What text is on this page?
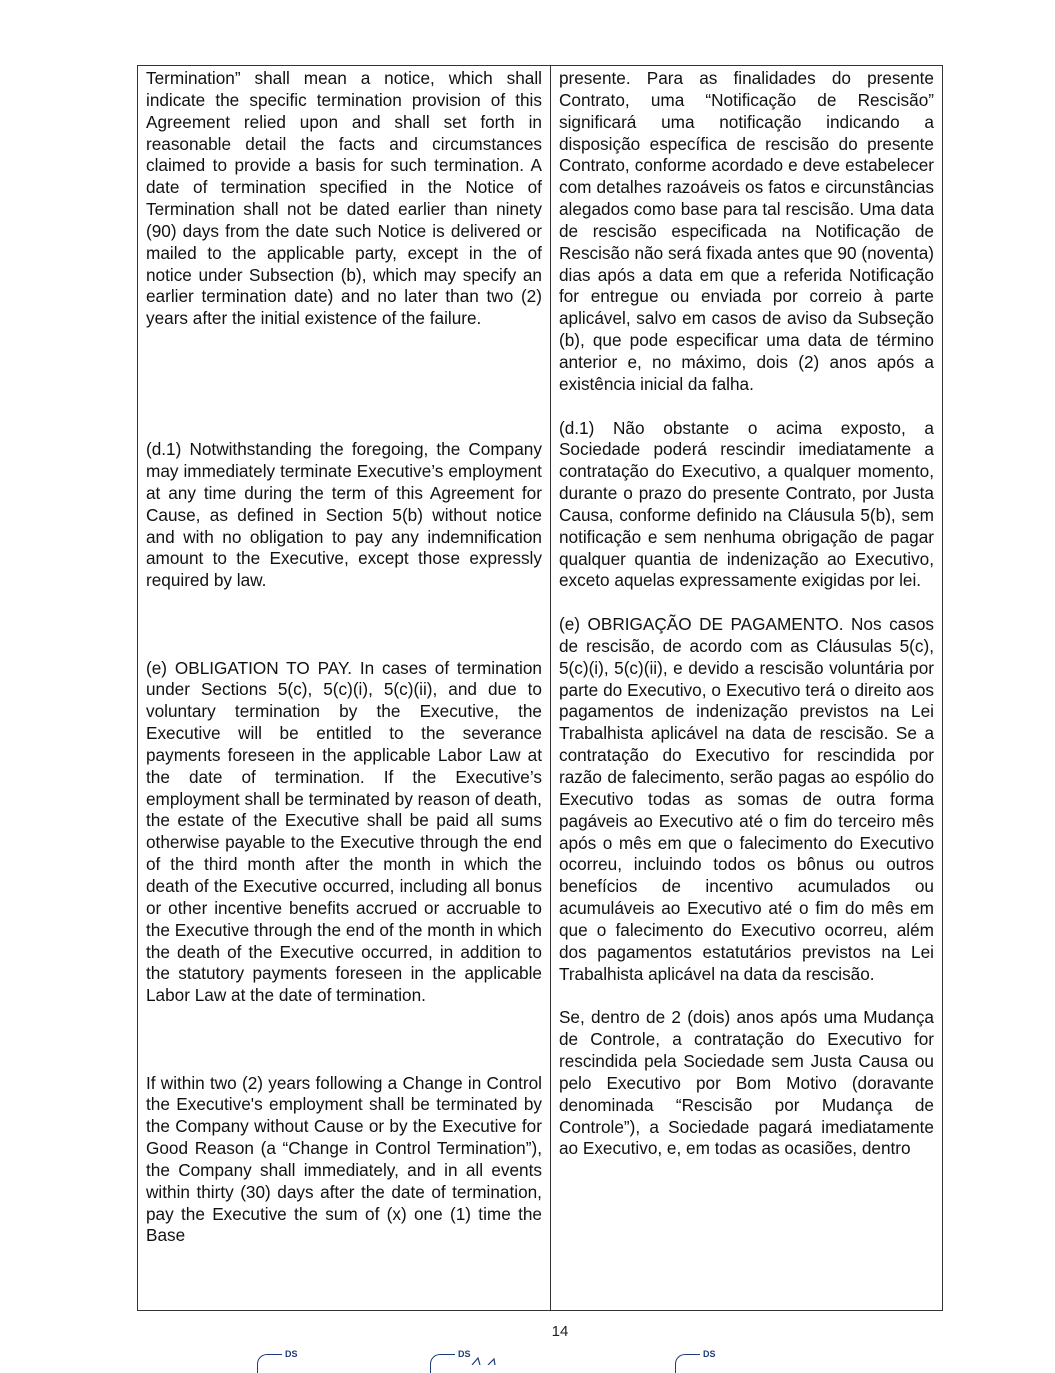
Termination” shall mean a notice, which shall indicate the specific termination provision of this Agreement relied upon and shall set forth in reasonable detail the facts and circumstances claimed to provide a basis for such termination. A date of termination specified in the Notice of Termination shall not be dated earlier than ninety (90) days from the date such Notice is delivered or mailed to the applicable party, except in the of notice under Subsection (b), which may specify an earlier termination date) and no later than two (2) years after the initial existence of the failure.

(d.1) Notwithstanding the foregoing, the Company may immediately terminate Executive’s employment at any time during the term of this Agreement for Cause, as defined in Section 5(b) without notice and with no obligation to pay any indemnification amount to the Executive, except those expressly required by law.

(e) OBLIGATION TO PAY. In cases of termination under Sections 5(c), 5(c)(i), 5(c)(ii), and due to voluntary termination by the Executive, the Executive will be entitled to the severance payments foreseen in the applicable Labor Law at the date of termination. If the Executive’s employment shall be terminated by reason of death, the estate of the Executive shall be paid all sums otherwise payable to the Executive through the end of the third month after the month in which the death of the Executive occurred, including all bonus or other incentive benefits accrued or accruable to the Executive through the end of the month in which the death of the Executive occurred, in addition to the statutory payments foreseen in the applicable Labor Law at the date of termination.

If within two (2) years following a Change in Control the Executive's employment shall be terminated by the Company without Cause or by the Executive for Good Reason (a “Change in Control Termination”), the Company shall immediately, and in all events within thirty (30) days after the date of termination, pay the Executive the sum of (x) one (1) time the Base

presente. Para as finalidades do presente Contrato, uma “Notificação de Rescisão” significará uma notificação indicando a disposição específica de rescisão do presente Contrato, conforme acordado e deve estabelecer com detalhes razoáveis os fatos e circunstâncias alegados como base para tal rescisão. Uma data de rescisão especificada na Notificação de Rescisão não será fixada antes que 90 (noventa) dias após a data em que a referida Notificação for entregue ou enviada por correio à parte aplicável, salvo em casos de aviso da Subseção (b), que pode especificar uma data de término anterior e, no máximo, dois (2) anos após a existência inicial da falha.

(d.1) Não obstante o acima exposto, a Sociedade poderá rescindir imediatamente a contratação do Executivo, a qualquer momento, durante o prazo do presente Contrato, por Justa Causa, conforme definido na Cláusula 5(b), sem notificação e sem nenhuma obrigação de pagar qualquer quantia de indenização ao Executivo, exceto aquelas expressamente exigidas por lei.

(e) OBRIGAÇÃO DE PAGAMENTO. Nos casos de rescisão, de acordo com as Cláusulas 5(c), 5(c)(i), 5(c)(ii), e devido a rescisão voluntária por parte do Executivo, o Executivo terá o direito aos pagamentos de indenização previstos na Lei Trabalhista aplicável na data de rescisão. Se a contratação do Executivo for rescindida por razão de falecimento, serão pagas ao espólio do Executivo todas as somas de outra forma pagáveis ao Executivo até o fim do terceiro mês após o mês em que o falecimento do Executivo ocorreu, incluindo todos os bônus ou outros benefícios de incentivo acumulados ou acumuláveis ao Executivo até o fim do mês em que o falecimento do Executivo ocorreu, além dos pagamentos estatutários previstos na Lei Trabalhista aplicável na data da rescisão.

Se, dentro de 2 (dois) anos após uma Mudança de Controle, a contratação do Executivo for rescindida pela Sociedade sem Justa Causa ou pelo Executivo por Bom Motivo (doravante denominada “Rescisão por Mudança de Controle”), a Sociedade pagará imediatamente ao Executivo, e, em todas as ocasiões, dentro

14
DS	DS	DS
